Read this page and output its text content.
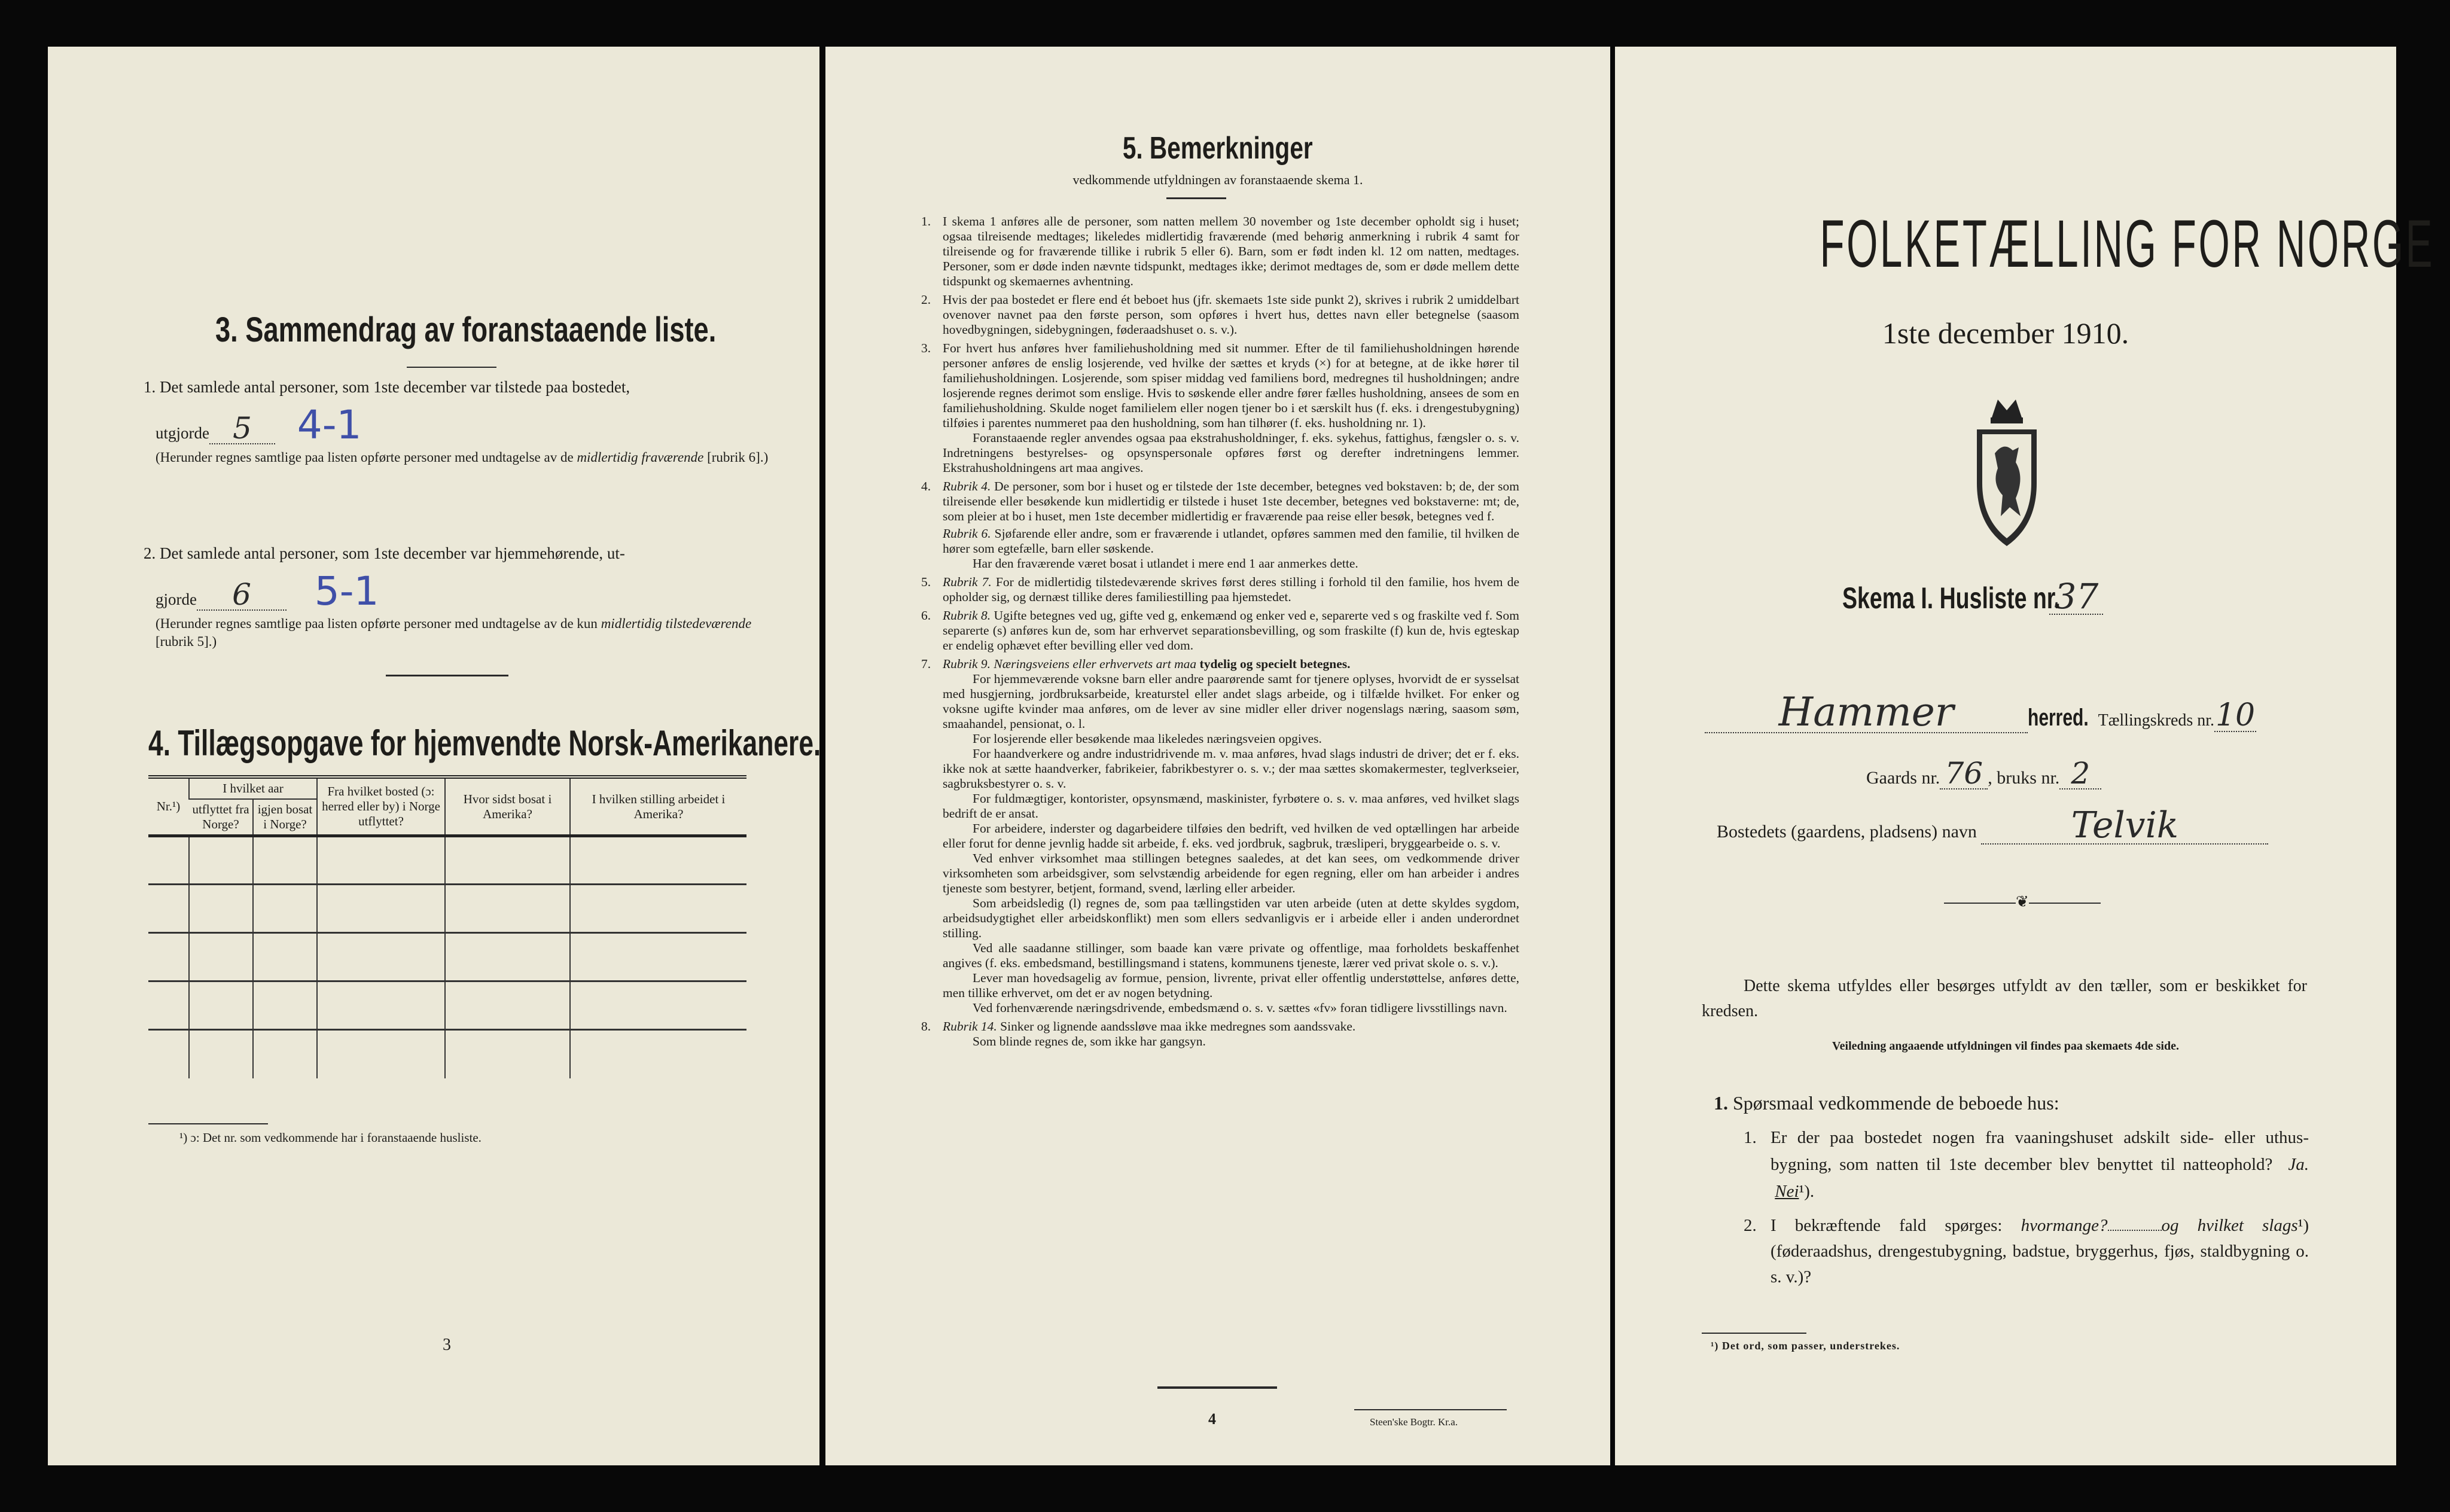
3. Sammendrag av foranstaaende liste.
1. Det samlede antal personer, som 1ste december var tilstede paa bostedet,
utgjorde 5 4-1
(Herunder regnes samtlige paa listen opførte personer med undtagelse av de midlertidig fraværende [rubrik 6].)
2. Det samlede antal personer, som 1ste december var hjemmehørende, ut-
gjorde 6 5-1
(Herunder regnes samtlige paa listen opførte personer med undtagelse av de kun midlertidig tilstedeværende [rubrik 5].)
4. Tillægsopgave for hjemvendte Norsk-Amerikanere.
Nr.¹)	I hvilket aar		Fra hvilket bosted (ɔ: herred eller by) i Norge utflyttet?	Hvor sidst bosat i Amerika?	I hvilken stilling arbeidet i Amerika?
	utflyttet fra Norge?	igjen bosat i Norge?			

¹) ɔ: Det nr. som vedkommende har i foranstaaende husliste.
3
5. Bemerkninger
vedkommende utfyldningen av foranstaaende skema 1.
1. I skema 1 anføres alle de personer, som natten mellem 30 november og 1ste december opholdt sig i huset; ogsaa tilreisende medtages; likeledes midlertidig fraværende (med behørig anmerkning i rubrik 4 samt for tilreisende og for fraværende tillike i rubrik 5 eller 6). Barn, som er født inden kl. 12 om natten, medtages. Personer, som er døde inden nævnte tidspunkt, medtages ikke; derimot medtages de, som er døde mellem dette tidspunkt og skemaernes avhentning.

2. Hvis der paa bostedet er flere end ét beboet hus (jfr. skemaets 1ste side punkt 2), skrives i rubrik 2 umiddelbart ovenover navnet paa den første person, som opføres i hvert hus, dettes navn eller betegnelse (saasom hovedbygningen, sidebygningen, føderaadshuset o. s. v.).

3. For hvert hus anføres hver familiehusholdning med sit nummer. Efter de til familiehusholdningen hørende personer anføres de enslig losjerende, ved hvilke der sættes et kryds (×) for at betegne, at de ikke hører til familiehusholdningen. Losjerende, som spiser middag ved familiens bord, medregnes til husholdningen; andre losjerende regnes derimot som enslige. Hvis to søskende eller andre fører fælles husholdning, ansees de som en familiehusholdning. Skulde noget familielem eller nogen tjener bo i et særskilt hus (f. eks. i drengestubygning) tilføies i parentes nummeret paa den husholdning, som han tilhører (f. eks. husholdning nr. 1).

Foranstaaende regler anvendes ogsaa paa ekstrahusholdninger, f. eks. sykehus, fattighus, fængsler o. s. v. Indretningens bestyrelses- og opsynspersonale opføres først og derefter indretningens lemmer. Ekstrahusholdningens art maa angives.

4. Rubrik 4. De personer, som bor i huset og er tilstede der 1ste december, betegnes ved bokstaven: b; de, der som tilreisende eller besøkende kun midlertidig er tilstede i huset 1ste december, betegnes ved bokstaverne: mt; de, som pleier at bo i huset, men 1ste december midlertidig er fraværende paa reise eller besøk, betegnes ved f.

Rubrik 6. Sjøfarende eller andre, som er fraværende i utlandet, opføres sammen med den familie, til hvilken de hører som egtefælle, barn eller søskende.

Har den fraværende været bosat i utlandet i mere end 1 aar anmerkes dette.

5. Rubrik 7. For de midlertidig tilstedeværende skrives først deres stilling i forhold til den familie, hos hvem de opholder sig, og dernæst tillike deres familiestilling paa hjemstedet.

6. Rubrik 8. Ugifte betegnes ved ug, gifte ved g, enkemænd og enker ved e, separerte ved s og fraskilte ved f. Som separerte (s) anføres kun de, som har erhvervet separationsbevilling, og som fraskilte (f) kun de, hvis egteskap er endelig ophævet efter bevilling eller ved dom.

7. Rubrik 9. Næringsveiens eller erhvervets art maa tydelig og specielt betegnes.

For hjemmeværende voksne barn eller andre paarørende samt for tjenere oplyses, hvorvidt de er sysselsat med husgjerning, jordbruksarbeide, kreaturstel eller andet slags arbeide, og i tilfælde hvilket. For enker og voksne ugifte kvinder maa anføres, om de lever av sine midler eller driver nogenslags næring, saasom søm, smaahandel, pensionat, o. l.

For losjerende eller besøkende maa likeledes næringsveien opgives.

For haandverkere og andre industridrivende m. v. maa anføres, hvad slags industri de driver; det er f. eks. ikke nok at sætte haandverker, fabrikeier, fabrikbestyrer o. s. v.; der maa sættes skomakermester, teglverkseier, sagbruksbestyrer o. s. v.

For fuldmægtiger, kontorister, opsynsmænd, maskinister, fyrbøtere o. s. v. maa anføres, ved hvilket slags bedrift de er ansat.

For arbeidere, inderster og dagarbeidere tilføies den bedrift, ved hvilken de ved optællingen har arbeide eller forut for denne jevnlig hadde sit arbeide, f. eks. ved jordbruk, sagbruk, træsliperi, bryggearbeide o. s. v.

Ved enhver virksomhet maa stillingen betegnes saaledes, at det kan sees, om vedkommende driver virksomheten som arbeidsgiver, som selvstændig arbeidende for egen regning, eller om han arbeider i andres tjeneste som bestyrer, betjent, formand, svend, lærling eller arbeider.

Som arbeidsledig (l) regnes de, som paa tællingstiden var uten arbeide (uten at dette skyldes sygdom, arbeidsudygtighet eller arbeidskonflikt) men som ellers sedvanligvis er i arbeide eller i anden underordnet stilling.

Ved alle saadanne stillinger, som baade kan være private og offentlige, maa forholdets beskaffenhet angives (f. eks. embedsmand, bestillingsmand i statens, kommunens tjeneste, lærer ved privat skole o. s. v.).

Lever man hovedsagelig av formue, pension, livrente, privat eller offentlig understøttelse, anføres dette, men tillike erhvervet, om det er av nogen betydning.

Ved forhenværende næringsdrivende, embedsmænd o. s. v. sættes «fv» foran tidligere livsstillings navn.

8. Rubrik 14. Sinker og lignende aandssløve maa ikke medregnes som aandssvake.

Som blinde regnes de, som ikke har gangsyn.

4	Steen'ske Bogtr. Kr.a.
FOLKETÆLLING FOR NORGE
1ste december 1910.
Skema I. Husliste nr.37
Hammer	herred. Tællingskreds nr.10
Gaards nr. 76 , bruks nr. 2
Bostedets (gaardens, pladsens) navn	Telvik
❦
Dette skema utfyldes eller besørges utfyldt av den tæller, som er beskikket for kredsen.
Veiledning angaaende utfyldningen vil findes paa skemaets 4de side.
1. Spørsmaal vedkommende de beboede hus:
1. Er der paa bostedet nogen fra vaaningshuset adskilt side- eller uthus-bygning, som natten til 1ste december blev benyttet til natteophold? Ja.  Nei¹).
2. I bekræftende fald spørges: hvormange?	og hvilket slags¹) (føderaadshus, drengestubygning, badstue, bryggerhus, fjøs, staldbygning o. s. v.)?
¹) Det ord, som passer, understrekes.
